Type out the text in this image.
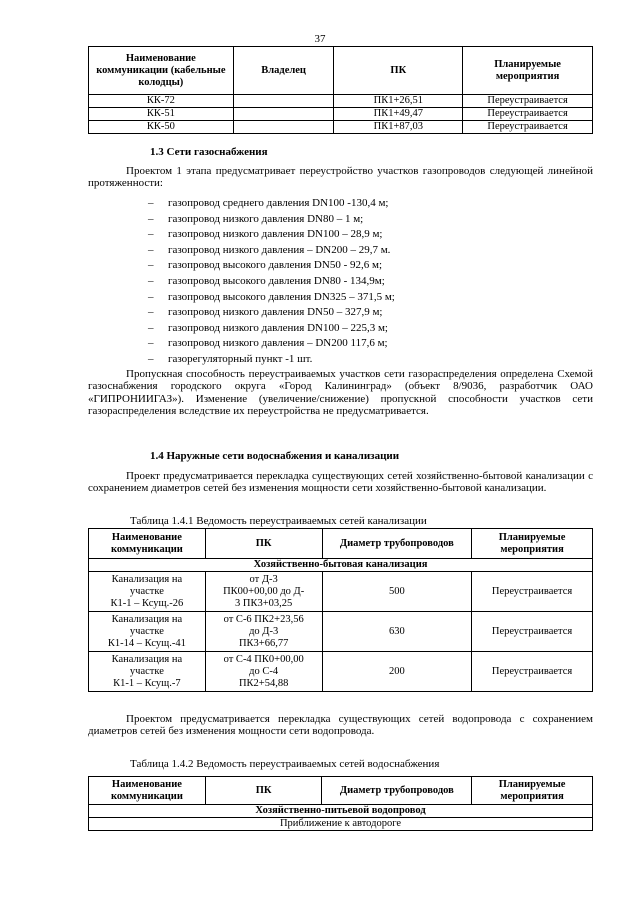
37
Наименование коммуникации (кабельные колодцы)	Владелец	ПК	Планируемые мероприятия
КК-72		ПК1+26,51	Переустраивается
КК-51		ПК1+49,47	Переустраивается
КК-50		ПК1+87,03	Переустраивается
1.3 Сети газоснабжения

Проектом 1 этапа предусматривает переустройство участков газопроводов следующей линейной протяженности:

– газопровод среднего давления DN100 -130,4 м;
– газопровод низкого давления DN80 – 1 м;
– газопровод низкого давления DN100 – 28,9 м;
– газопровод низкого давления – DN200 – 29,7 м.
– газопровод высокого давления DN50 - 92,6 м;
– газопровод высокого давления DN80 - 134,9м;
– газопровод высокого давления DN325 – 371,5 м;
– газопровод низкого давления DN50 – 327,9 м;
– газопровод низкого давления DN100 – 225,3 м;
– газопровод низкого давления – DN200 117,6 м;
– газорегуляторный пункт -1 шт.

Пропускная способность переустраиваемых участков сети газораспределения определена Схемой газоснабжения городского округа «Город Калининград» (объект 8/9036, разработчик ОАО «ГИПРОНИИГАЗ»). Изменение (увеличение/снижение) пропускной способности участков сети газораспределения вследствие их переустройства не предусматривается.

1.4 Наружные сети водоснабжения и канализации

Проект предусматривается перекладка существующих сетей хозяйственно-бытовой канализации с сохранением диаметров сетей без изменения мощности сети хозяйственно-бытовой канализации.

Таблица 1.4.1 Ведомость переустраиваемых сетей канализации
Наименование коммуникации	ПК	Диаметр трубопроводов	Планируемые мероприятия
Хозяйственно-бытовая канализация			
Канализация на
участке
К1-1 – Ксущ.-26	от Д-3
ПК00+00,00 до Д-
3 ПК3+03,25	500	Переустраивается
Канализация на
участке
К1-14 – Ксущ.-41	от С-6 ПК2+23,56
до Д-3
ПК3+66,77	630	Переустраивается
Канализация на
участке
К1-1 – Ксущ.-7	от С-4 ПК0+00,00
до С-4
ПК2+54,88	200	Переустраивается

Проектом предусматривается перекладка существующих сетей водопровода с сохранением диаметров сетей без изменения мощности сети водопровода.

Таблица 1.4.2 Ведомость переустраиваемых сетей водоснабжения
Наименование коммуникации	ПК	Диаметр трубопроводов	Планируемые мероприятия
Хозяйственно-питьевой водопровод
Приближение к автодороге
